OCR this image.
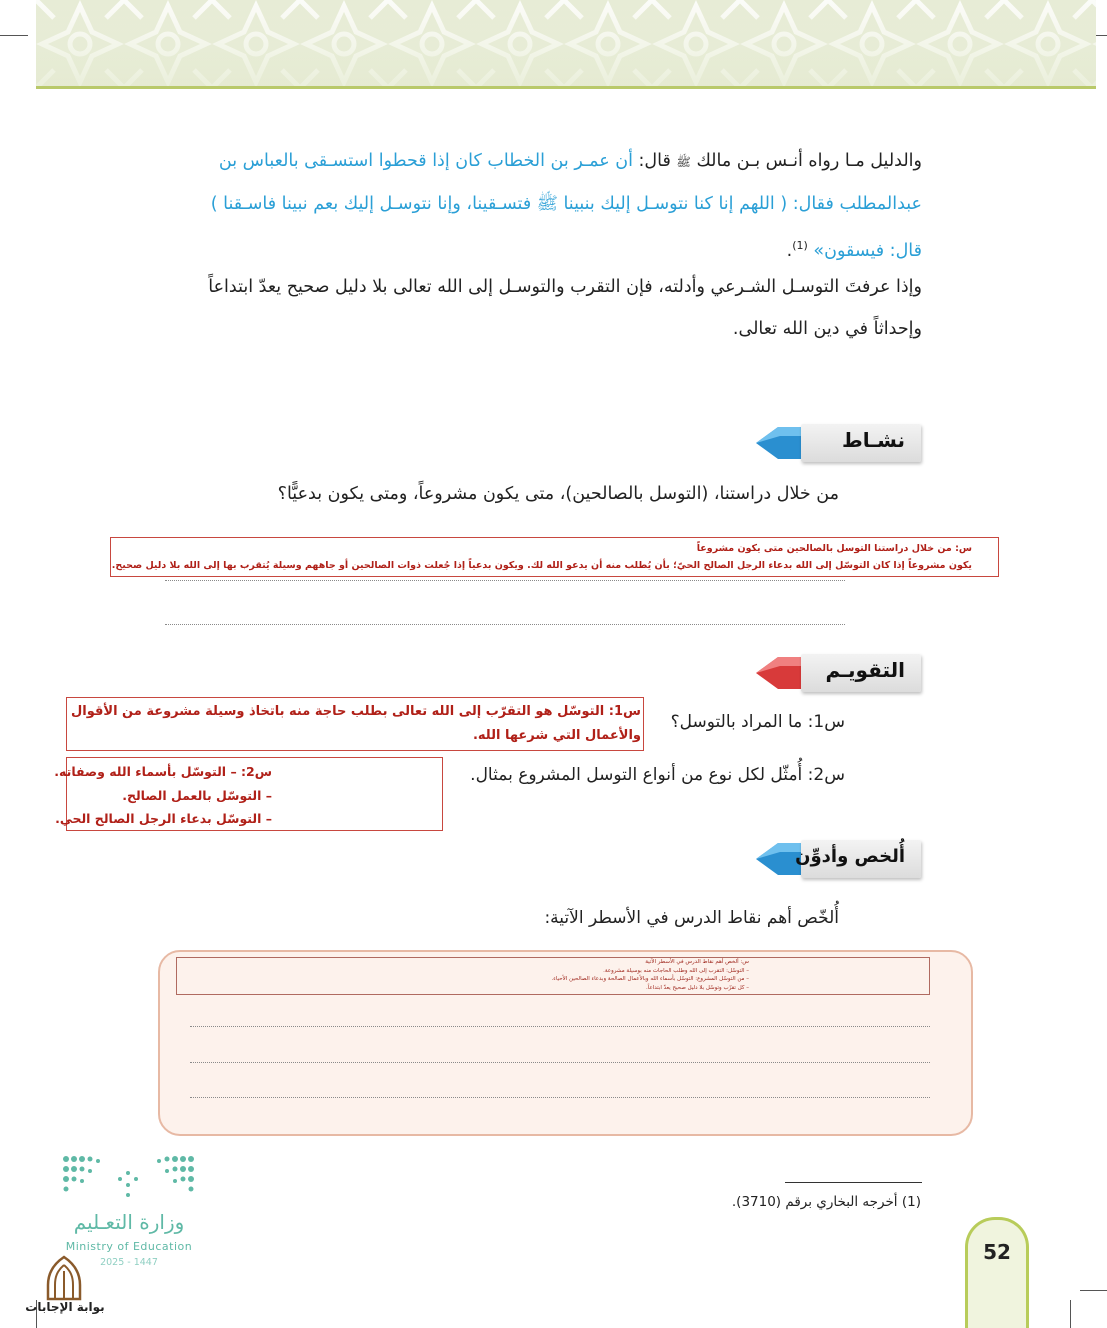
والدليل مـا رواه أنـس بـن مالك ﷺ قال: أن عمـر بن الخطاب كان إذا قحطوا استسـقى بالعباس بن
عبدالمطلب فقال: ( اللهم إنا كنا نتوسـل إليك بنبينا ﷺ فتسـقينا، وإنا نتوسـل إليك بعم نبينا فاسـقنا )
قال: فيسقون» $^{(1)}$.
وإذا عرفتَ التوسـل الشـرعي وأدلته، فإن التقرب والتوسـل إلى الله تعالى بلا دليل صحيح يعدّ ابتداعاً
وإحداثاً في دين الله تعالى.
نشـاط
من خلال دراستنا، (التوسل بالصالحين)، متى يكون مشروعاً، ومتى يكون بدعيًّا؟
س: من خلال دراستنا التوسل بالصالحين متى يكون مشروعاً
يكون مشروعاً إذا كان التوسّل إلى الله بدعاء الرجل الصالح الحيّ؛ بأن يُطلب منه أن يدعو الله لك. ويكون بدعياً إذا جُعلت ذوات الصالحين أو جاههم وسيلة يُتقرب بها إلى الله بلا دليل صحيح.
التقويـم
س1: ما المراد بالتوسل؟
س2: أُمثّل لكل نوع من أنواع التوسل المشروع بمثال.
س1: التوسّل هو التقرّب إلى الله تعالى بطلب حاجة منه باتخاذ وسيلة مشروعة من الأقوال
والأعمال التي شرعها الله.
س2: – التوسّل بأسماء الله وصفاته.
– التوسّل بالعمل الصالح.
– التوسّل بدعاء الرجل الصالح الحي.
أُلخص وأدوِّن
أُلخّص أهم نقاط الدرس في الأسطر الآتية:
س: أُلخص أهم نقاط الدرس في الأسطر الآتية
– التوسّل: التقرب إلى الله وطلب الحاجات منه بوسيلة مشروعة.
– من التوسّل المشروع: التوسّل بأسماء الله وبالأعمال الصالحة وبدعاء الصالحين الأحياء.
– كل تقرّب وتوسّل بلا دليل صحيح يعدّ ابتداعاً.
(1) أخرجه البخاري برقم (3710).
52
وزارة التعـليم
Ministry of Education
2025 - 1447
بوابة الإجابات
